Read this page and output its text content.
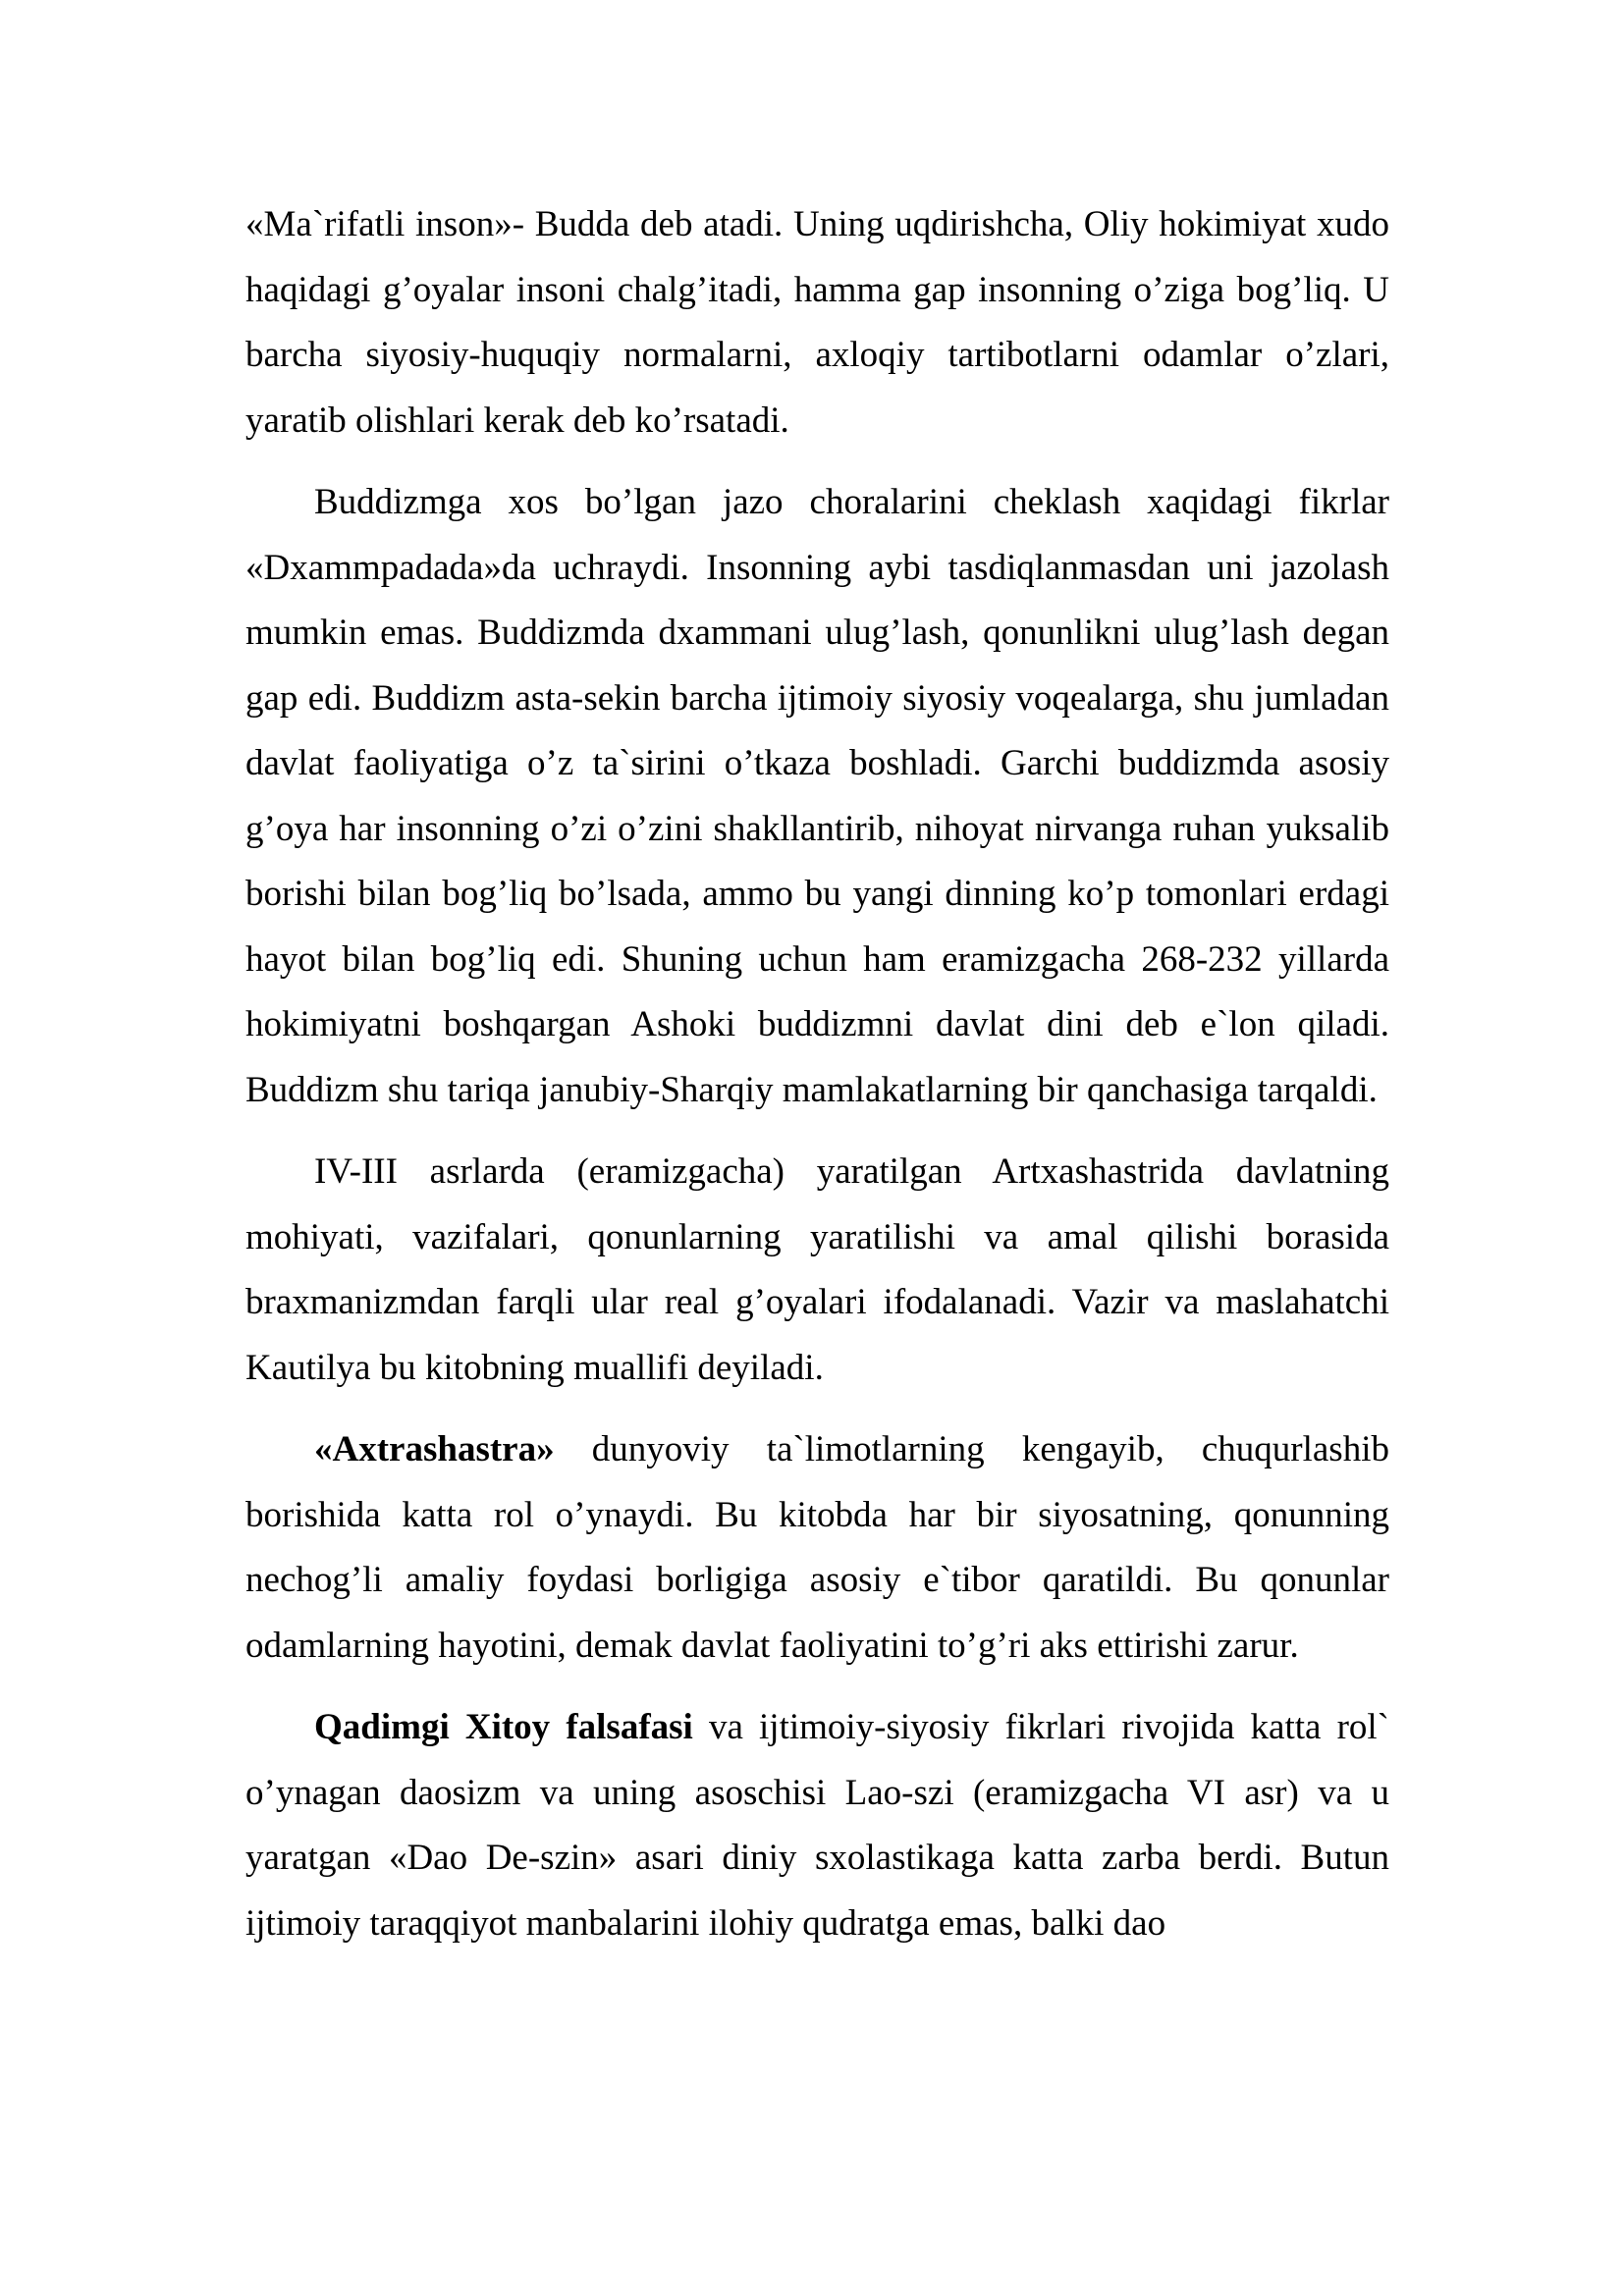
«Ma`rifatli inson»- Budda deb atadi. Uning uqdirishcha, Oliy hokimiyat xudo haqidagi g’oyalar insoni chalg’itadi, hamma gap insonning o’ziga bog’liq. U barcha siyosiy-huquqiy normalarni, axloqiy tartibotlarni odamlar o’zlari, yaratib olishlari kerak deb ko’rsatadi.

Buddizmga xos bo’lgan jazo choralarini cheklash xaqidagi fikrlar «Dxammpadada»da uchraydi. Insonning aybi tasdiqlanmasdan uni jazolash mumkin emas. Buddizmda dxammani ulug’lash, qonunlikni ulug’lash degan gap edi. Buddizm asta-sekin barcha ijtimoiy siyosiy voqealarga, shu jumladan davlat faoliyatiga o’z ta`sirini o’tkaza boshladi. Garchi buddizmda asosiy g’oya har insonning o’zi o’zini shakllantirib, nihoyat nirvanga ruhan yuksalib borishi bilan bog’liq bo’lsada, ammo bu yangi dinning ko’p tomonlari erdagi hayot bilan bog’liq edi. Shuning uchun ham eramizgacha 268-232 yillarda hokimiyatni boshqargan Ashoki buddizmni davlat dini deb e`lon qiladi. Buddizm shu tariqa janubiy-Sharqiy mamlakatlarning bir qanchasiga tarqaldi.

IV-III asrlarda (eramizgacha) yaratilgan Artxashastrida davlatning mohiyati, vazifalari, qonunlarning yaratilishi va amal qilishi borasida braxmanizmdan farqli ular real g’oyalari ifodalanadi. Vazir va maslahatchi Kautilya bu kitobning muallifi deyiladi.

«Axtrashastra» dunyoviy ta`limotlarning kengayib, chuqurlashib borishida katta rol o’ynaydi. Bu kitobda har bir siyosatning, qonunning nechog’li amaliy foydasi borligiga asosiy e`tibor qaratildi. Bu qonunlar odamlarning hayotini, demak davlat faoliyatini to’g’ri aks ettirishi zarur.

Qadimgi Xitoy falsafasi va ijtimoiy-siyosiy fikrlari rivojida katta rol` o’ynagan daosizm va uning asoschisi Lao-szi (eramizgacha VI asr) va u yaratgan «Dao De-szin» asari diniy sxolastikaga katta zarba berdi. Butun ijtimoiy taraqqiyot manbalarini ilohiy qudratga emas, balki dao
